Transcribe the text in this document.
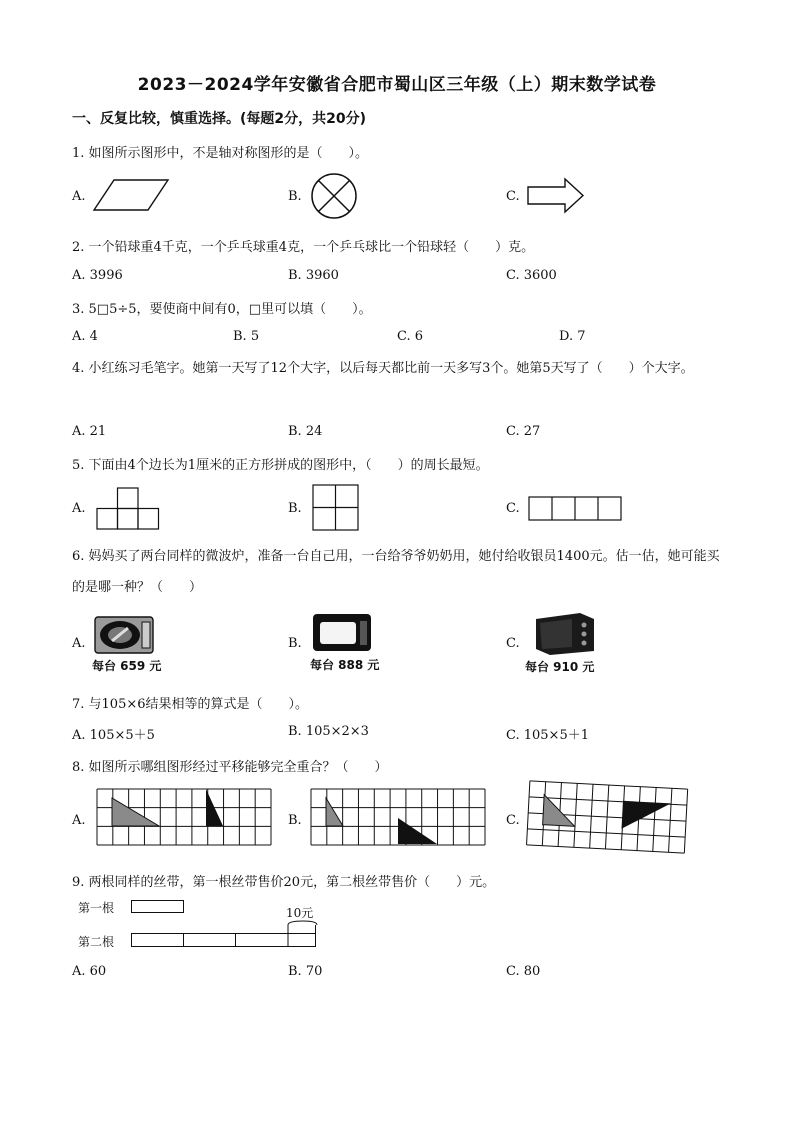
2023－2024学年安徽省合肥市蜀山区三年级（上）期末数学试卷
一、反复比较，慎重选择。(每题2分，共20分)
1. 如图所示图形中，不是轴对称图形的是（　　）。
A.	B.	C.
2. 一个铅球重4千克，一个乒乓球重4克，一个乒乓球比一个铅球轻（　　）克。
A. 3996	B. 3960	C. 3600
3. 5□5÷5，要使商中间有0，□里可以填（　　）。
A. 4	B. 5	C. 6	D. 7
4. 小红练习毛笔字。她第一天写了12个大字，以后每天都比前一天多写3个。她第5天写了（　　）个大字。
A. 21	B. 24	C. 27
5. 下面由4个边长为1厘米的正方形拼成的图形中，（　　）的周长最短。
A.	B.	C.
6. 妈妈买了两台同样的微波炉，准备一台自己用，一台给爷爷奶奶用，她付给收银员1400元。估一估，她可能买的是哪一种？（　　）
A.
每台 659 元
B.
每台 888 元
C.
每台 910 元
7. 与105×6结果相等的算式是（　　）。
A. 105×5＋5	B. 105×2×3	C. 105×5＋1
8. 如图所示哪组图形经过平移能够完全重合？（　　）
A.	B.	C.
9. 两根同样的丝带，第一根丝带售价20元，第二根丝带售价（　　）元。
第一根
第二根
10元
A. 60	B. 70	C. 80
